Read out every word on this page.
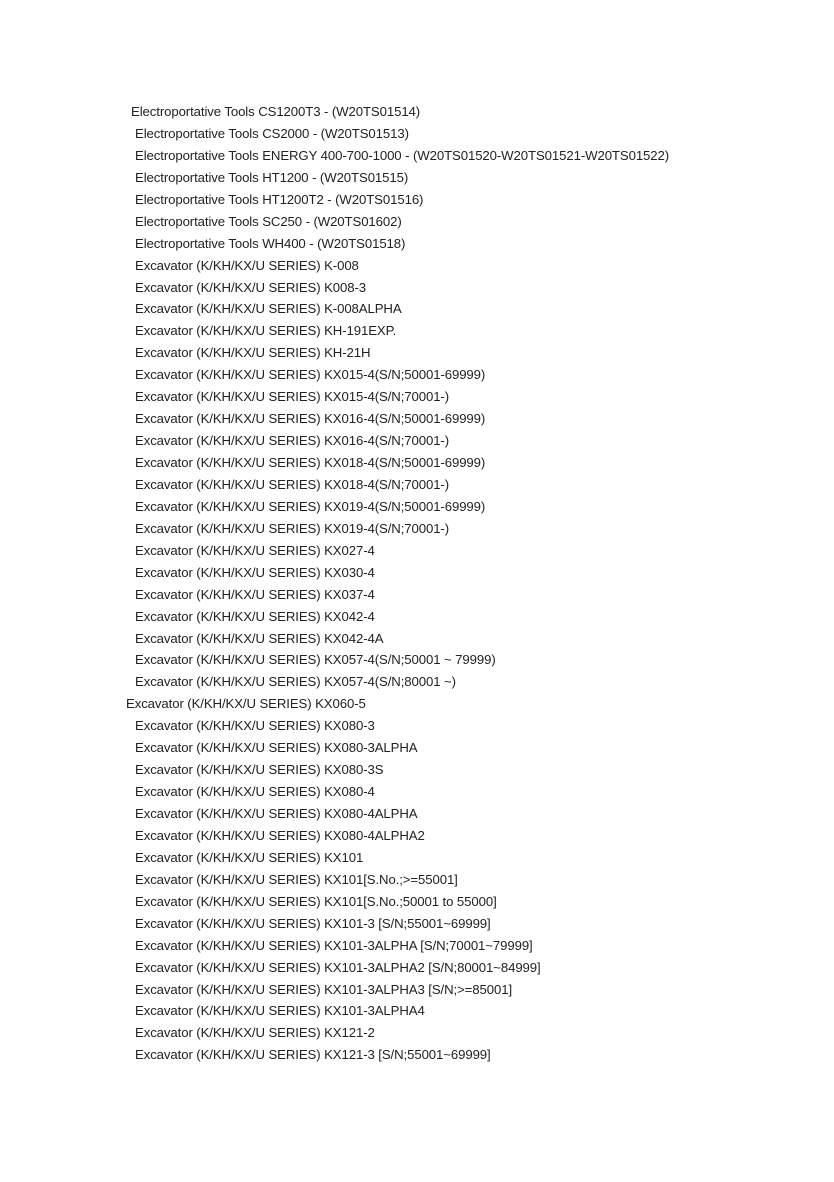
Electroportative Tools CS1200T3 - (W20TS01514)
Electroportative Tools CS2000 - (W20TS01513)
Electroportative Tools ENERGY 400-700-1000 - (W20TS01520-W20TS01521-W20TS01522)
Electroportative Tools HT1200 - (W20TS01515)
Electroportative Tools HT1200T2 - (W20TS01516)
Electroportative Tools SC250 - (W20TS01602)
Electroportative Tools WH400 - (W20TS01518)
Excavator (K/KH/KX/U SERIES) K-008
Excavator (K/KH/KX/U SERIES) K008-3
Excavator (K/KH/KX/U SERIES) K-008ALPHA
Excavator (K/KH/KX/U SERIES) KH-191EXP.
Excavator (K/KH/KX/U SERIES) KH-21H
Excavator (K/KH/KX/U SERIES) KX015-4(S/N;50001-69999)
Excavator (K/KH/KX/U SERIES) KX015-4(S/N;70001-)
Excavator (K/KH/KX/U SERIES) KX016-4(S/N;50001-69999)
Excavator (K/KH/KX/U SERIES) KX016-4(S/N;70001-)
Excavator (K/KH/KX/U SERIES) KX018-4(S/N;50001-69999)
Excavator (K/KH/KX/U SERIES) KX018-4(S/N;70001-)
Excavator (K/KH/KX/U SERIES) KX019-4(S/N;50001-69999)
Excavator (K/KH/KX/U SERIES) KX019-4(S/N;70001-)
Excavator (K/KH/KX/U SERIES) KX027-4
Excavator (K/KH/KX/U SERIES) KX030-4
Excavator (K/KH/KX/U SERIES) KX037-4
Excavator (K/KH/KX/U SERIES) KX042-4
Excavator (K/KH/KX/U SERIES) KX042-4A
Excavator (K/KH/KX/U SERIES) KX057-4(S/N;50001 ~ 79999)
Excavator (K/KH/KX/U SERIES) KX057-4(S/N;80001 ~)
Excavator (K/KH/KX/U SERIES) KX060-5
Excavator (K/KH/KX/U SERIES) KX080-3
Excavator (K/KH/KX/U SERIES) KX080-3ALPHA
Excavator (K/KH/KX/U SERIES) KX080-3S
Excavator (K/KH/KX/U SERIES) KX080-4
Excavator (K/KH/KX/U SERIES) KX080-4ALPHA
Excavator (K/KH/KX/U SERIES) KX080-4ALPHA2
Excavator (K/KH/KX/U SERIES) KX101
Excavator (K/KH/KX/U SERIES) KX101[S.No.;>=55001]
Excavator (K/KH/KX/U SERIES) KX101[S.No.;50001 to 55000]
Excavator (K/KH/KX/U SERIES) KX101-3 [S/N;55001~69999]
Excavator (K/KH/KX/U SERIES) KX101-3ALPHA [S/N;70001~79999]
Excavator (K/KH/KX/U SERIES) KX101-3ALPHA2 [S/N;80001~84999]
Excavator (K/KH/KX/U SERIES) KX101-3ALPHA3 [S/N;>=85001]
Excavator (K/KH/KX/U SERIES) KX101-3ALPHA4
Excavator (K/KH/KX/U SERIES) KX121-2
Excavator (K/KH/KX/U SERIES) KX121-3 [S/N;55001~69999]
